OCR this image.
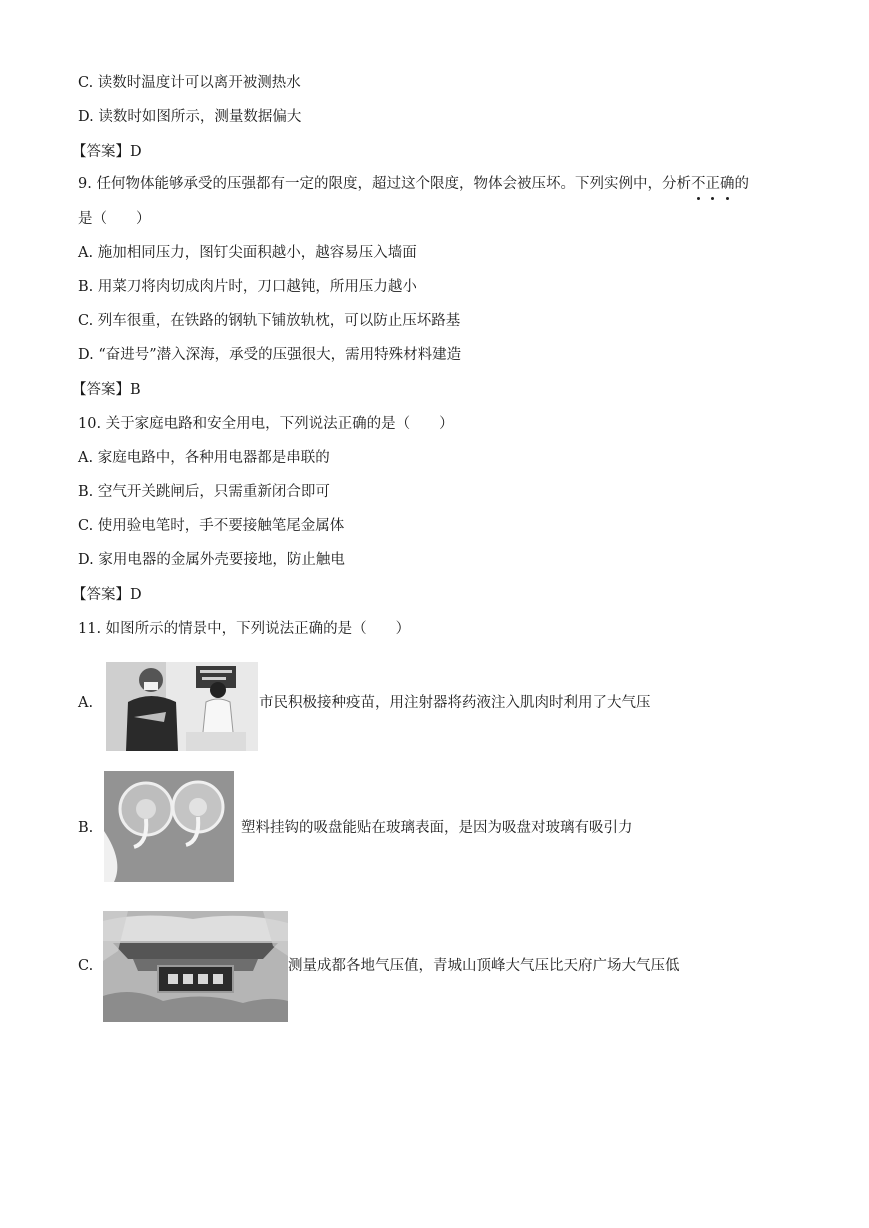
C. 读数时温度计可以离开被测热水
D. 读数时如图所示，测量数据偏大
【答案】D
9. 任何物体能够承受的压强都有一定的限度，超过这个限度，物体会被压坏。下列实例中，分析不正确的
是（　　）
A. 施加相同压力，图钉尖面积越小，越容易压入墙面
B. 用菜刀将肉切成肉片时，刀口越钝，所用压力越小
C. 列车很重，在铁路的钢轨下铺放轨枕，可以防止压坏路基
D. “奋进号”潜入深海，承受的压强很大，需用特殊材料建造
【答案】B
10. 关于家庭电路和安全用电，下列说法正确的是（　　）
A. 家庭电路中，各种用电器都是串联的
B. 空气开关跳闸后，只需重新闭合即可
C. 使用验电笔时，手不要接触笔尾金属体
D. 家用电器的金属外壳要接地，防止触电
【答案】D
11. 如图所示的情景中，下列说法正确的是（　　）
A.	市民积极接种疫苗，用注射器将药液注入肌肉时利用了大气压
B.	塑料挂钩的吸盘能贴在玻璃表面，是因为吸盘对玻璃有吸引力
C.	测量成都各地气压值，青城山顶峰大气压比天府广场大气压低
